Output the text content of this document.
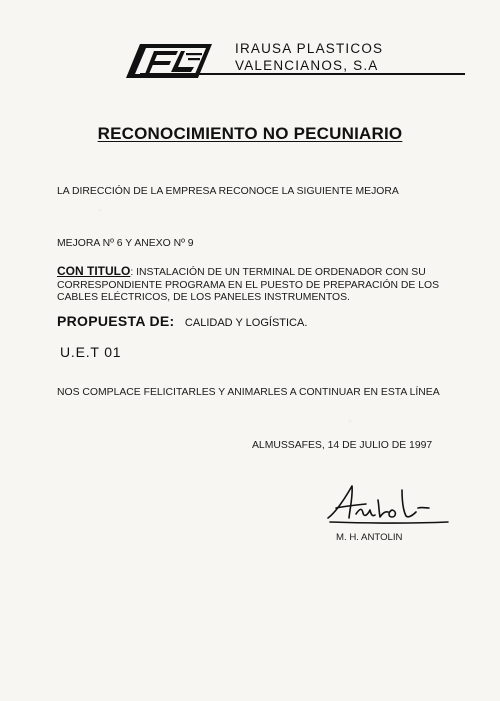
IRAUSA PLASTICOS
VALENCIANOS, S.A
RECONOCIMIENTO NO PECUNIARIO
LA DIRECCIÓN DE LA EMPRESA RECONOCE LA SIGUIENTE MEJORA
MEJORA Nº 6 Y ANEXO Nº 9
CON TITULO: INSTALACIÓN DE UN TERMINAL DE ORDENADOR CON SU CORRESPONDIENTE PROGRAMA EN EL PUESTO DE PREPARACIÓN DE LOS CABLES ELÉCTRICOS, DE LOS PANELES INSTRUMENTOS.
PROPUESTA DE: CALIDAD Y LOGÍSTICA.
U.E.T 01
NOS COMPLACE FELICITARLES Y ANIMARLES A CONTINUAR EN ESTA LÍNEA
ALMUSSAFES, 14 DE JULIO DE 1997
M. H. ANTOLIN
